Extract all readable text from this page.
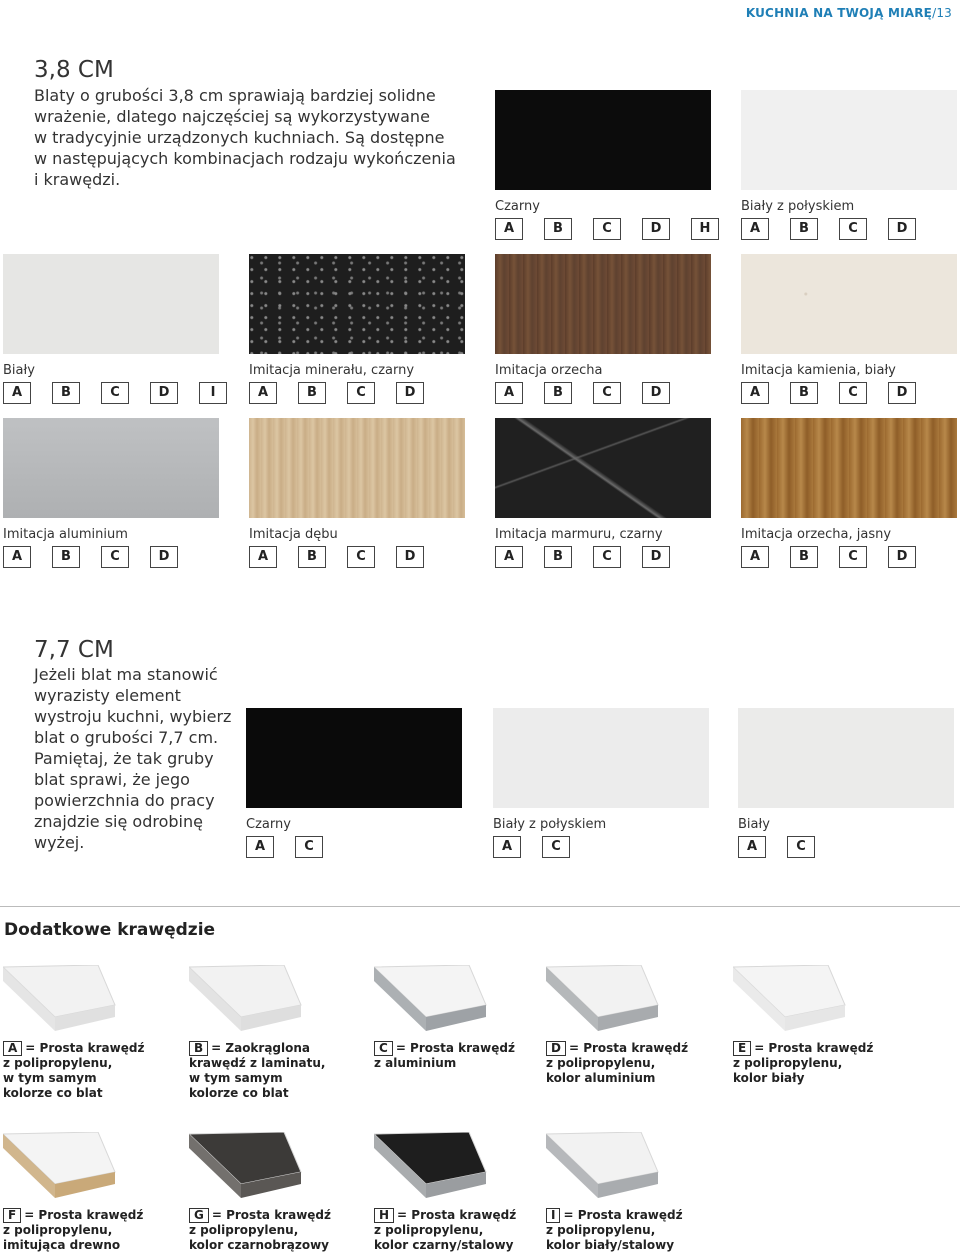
KUCHNIA NA TWOJĄ MIARĘ/13
3,8 CM
Blaty o grubości 3,8 cm sprawiają bardziej solidne
wrażenie, dlatego najczęściej są wykorzystywane
w tradycyjnie urządzonych kuchniach. Są dostępne
w następujących kombinacjach rodzaju wykończenia
i krawędzi.
Czarny
A	B	C	D	H
Biały z połyskiem
A	B	C	D
Biały
A	B	C	D	I
Imitacja minerału, czarny
A	B	C	D
Imitacja orzecha
A	B	C	D
Imitacja kamienia, biały
A	B	C	D
Imitacja aluminium
A	B	C	D
Imitacja dębu
A	B	C	D
Imitacja marmuru, czarny
A	B	C	D
Imitacja orzecha, jasny
A	B	C	D
7,7 CM
Jeżeli blat ma stanowić
wyrazisty element
wystroju kuchni, wybierz
blat o grubości 7,7 cm.
Pamiętaj, że tak gruby
blat sprawi, że jego
powierzchnia do pracy
znajdzie się odrobinę
wyżej.
Czarny
A	C
Biały z połyskiem
A	C
Biały
A	C
Dodatkowe krawędzie
A = Prosta krawędź
z polipropylenu,
w tym samym
kolorze co blat
B = Zaokrąglona
krawędź z laminatu,
w tym samym
kolorze co blat
C = Prosta krawędź
z aluminium
D = Prosta krawędź
z polipropylenu,
kolor aluminium
E = Prosta krawędź
z polipropylenu,
kolor biały
F = Prosta krawędź
z polipropylenu,
imitująca drewno
G = Prosta krawędź
z polipropylenu,
kolor czarnobrązowy
H = Prosta krawędź
z polipropylenu,
kolor czarny/stalowy
I = Prosta krawędź
z polipropylenu,
kolor biały/stalowy
